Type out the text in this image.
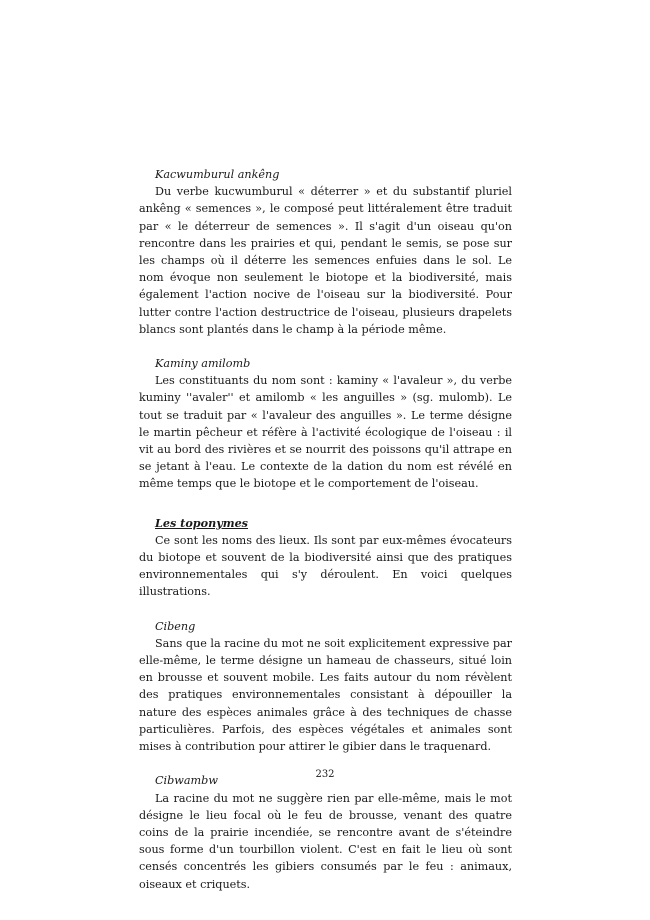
Kacwumburul ankêng

Du verbe kucwumburul « déterrer » et du substantif pluriel ankêng « semences », le composé peut littéralement être traduit par « le déterreur de semences ». Il s'agit d'un oiseau qu'on rencontre dans les prairies et qui, pendant le semis, se pose sur les champs où il déterre les semences enfuies dans le sol. Le nom évoque non seulement le biotope et la biodiversité, mais également l'action nocive de l'oiseau sur la biodiversité. Pour lutter contre l'action destructrice de l'oiseau, plusieurs drapelets blancs sont plantés dans le champ à la période même.

Kaminy amilomb

Les constituants du nom sont : kaminy « l'avaleur », du verbe kuminy ''avaler'' et amilomb « les anguilles » (sg. mulomb). Le tout se traduit par « l'avaleur des anguilles ». Le terme désigne le martin pêcheur et réfère à l'activité écologique de l'oiseau : il vit au bord des rivières et se nourrit des poissons qu'il attrape en se jetant à l'eau. Le contexte de la dation du nom est révélé en même temps que le biotope et le comportement de l'oiseau.

Les toponymes

Ce sont les noms des lieux. Ils sont par eux-mêmes évocateurs du biotope et souvent de la biodiversité ainsi que des pratiques environnementales qui s'y déroulent. En voici quelques illustrations.

Cibeng

Sans que la racine du mot ne soit explicitement expressive par elle-même, le terme désigne un hameau de chasseurs, situé loin en brousse et souvent mobile. Les faits autour du nom révèlent des pratiques environnementales consistant à dépouiller la nature des espèces animales grâce à des techniques de chasse particulières. Parfois, des espèces végétales et animales sont mises à contribution pour attirer le gibier dans le traquenard.

Cibwambw

La racine du mot ne suggère rien par elle-même, mais le mot désigne le lieu focal où le feu de brousse, venant des quatre coins de la prairie incendiée, se rencontre avant de s'éteindre sous forme d'un tourbillon violent. C'est en fait le lieu où sont censés concentrés les gibiers consumés par le feu : animaux, oiseaux et criquets.

232
